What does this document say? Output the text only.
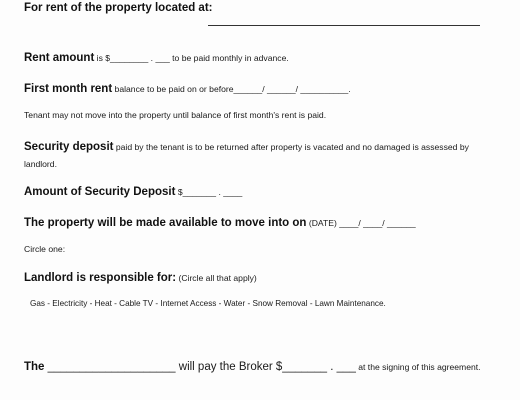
For rent of the property located at:
Rent amount is $________ . ___ to be paid monthly in advance.
First month rent balance to be paid on or before______/ ______/ __________.
Tenant may not move into the property until balance of first month's rent is paid.
Security deposit paid by the tenant is to be returned after property is vacated and no damaged is assessed by landlord.
Amount of Security Deposit $_______ . ____
The property will be made available to move into on (DATE) ____/ ____/ ______
Circle one:
Landlord is responsible for: (Circle all that apply)
Gas - Electricity - Heat - Cable TV - Internet Access - Water - Snow Removal - Lawn Maintenance.
The ____________________ will pay the Broker $_______ . ___ at the signing of this agreement.
